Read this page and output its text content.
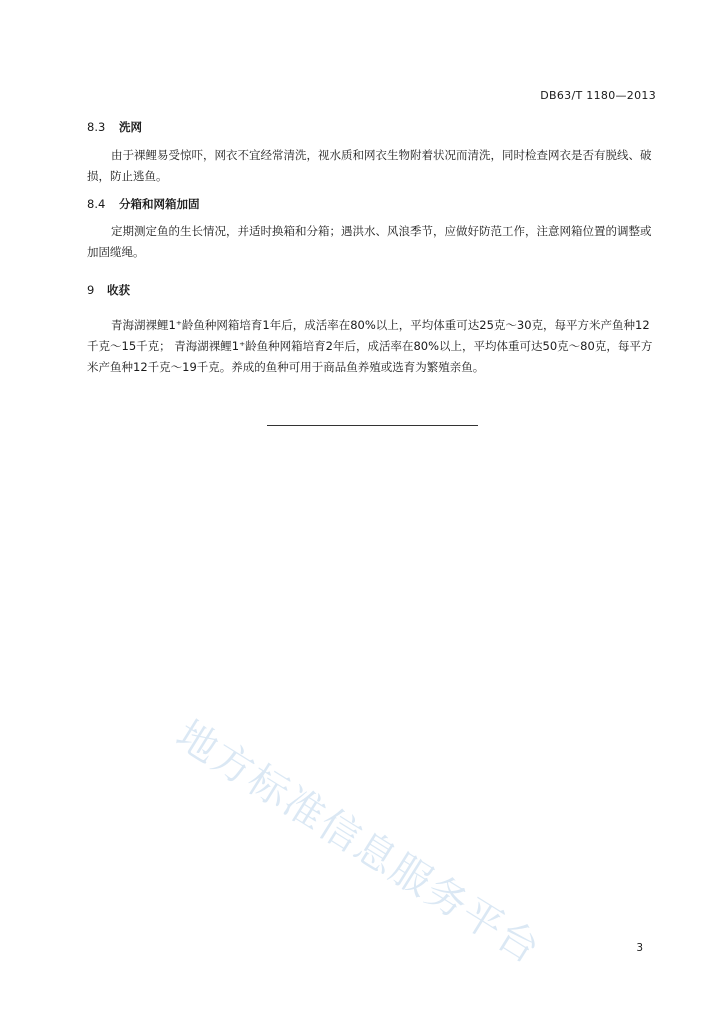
DB63/T 1180—2013
8.3 洗网
由于裸鲤易受惊吓，网衣不宜经常清洗，视水质和网衣生物附着状况而清洗，同时检查网衣是否有脱线、破损，防止逃鱼。
8.4 分箱和网箱加固
定期测定鱼的生长情况，并适时换箱和分箱；遇洪水、风浪季节，应做好防范工作，注意网箱位置的调整或加固缆绳。
9 收获
青海湖裸鲤1⁺龄鱼种网箱培育1年后，成活率在80%以上，平均体重可达25克～30克，每平方米产鱼种12千克～15千克； 青海湖裸鲤1⁺龄鱼种网箱培育2年后，成活率在80%以上，平均体重可达50克～80克，每平方米产鱼种12千克～19千克。养成的鱼种可用于商品鱼养殖或选育为繁殖亲鱼。
地方标准信息服务平台	3
